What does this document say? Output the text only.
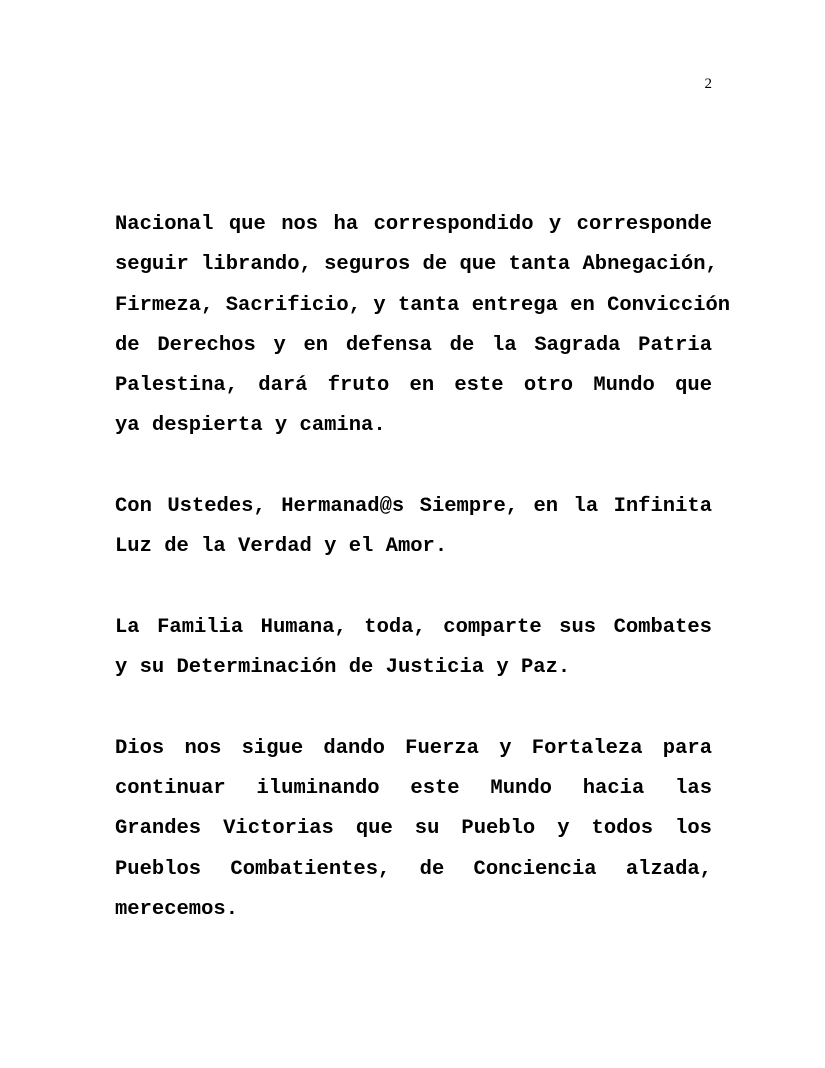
2
Nacional que nos ha correspondido y corresponde
seguir librando, seguros de que tanta Abnegación,
Firmeza, Sacrificio, y tanta entrega en Convicción
de Derechos y en defensa de la Sagrada Patria
Palestina, dará fruto en este otro Mundo que
ya despierta y camina.
Con Ustedes, Hermanad@s Siempre, en la Infinita
Luz de la Verdad y el Amor.
La Familia Humana, toda, comparte sus Combates
y su Determinación de Justicia y Paz.
Dios nos sigue dando Fuerza y Fortaleza para
continuar iluminando este Mundo hacia las
Grandes Victorias que su Pueblo y todos los
Pueblos Combatientes, de Conciencia alzada,
merecemos.
